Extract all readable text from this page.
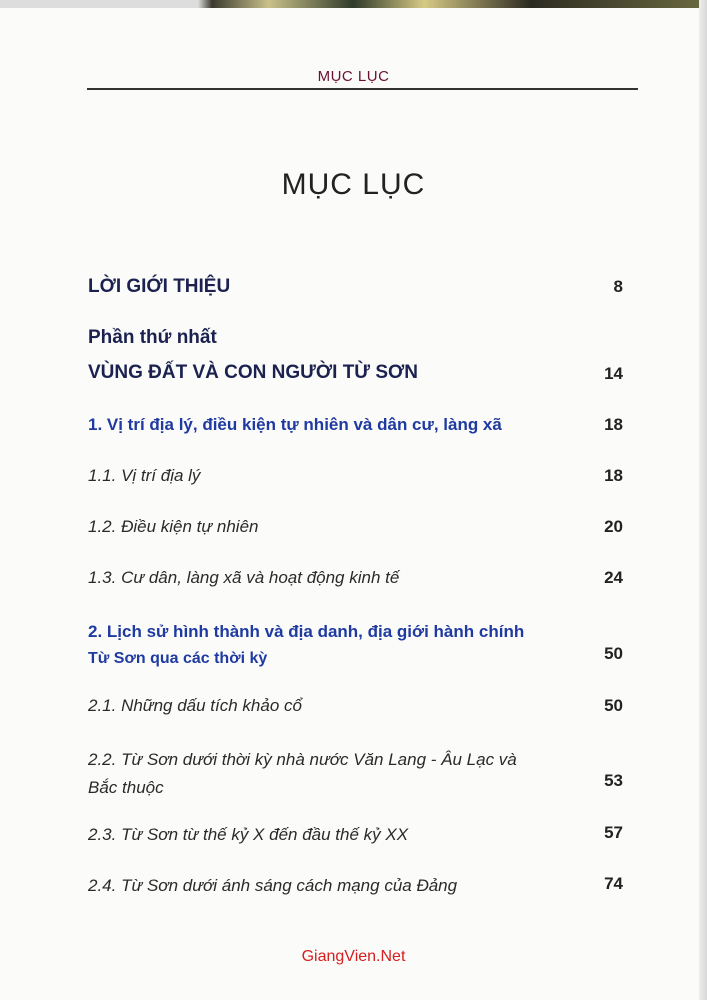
MỤC LỤC
MỤC LỤC
LỜI GIỚI THIỆU	8
Phần thứ nhất
VÙNG ĐẤT VÀ CON NGƯỜI TỪ SƠN	14
1. Vị trí địa lý, điều kiện tự nhiên và dân cư, làng xã	18
1.1. Vị trí địa lý	18
1.2. Điều kiện tự nhiên	20
1.3. Cư dân, làng xã và hoạt động kinh tế	24
2. Lịch sử hình thành và địa danh, địa giới hành chính
Từ Sơn qua các thời kỳ	50
2.1. Những dấu tích khảo cổ	50
2.2. Từ Sơn dưới thời kỳ nhà nước Văn Lang - Âu Lạc và
Bắc thuộc	53
2.3. Từ Sơn từ thế kỷ X đến đầu thế kỷ XX	57
2.4. Từ Sơn dưới ánh sáng cách mạng của Đảng	74
GiangVien.Net
